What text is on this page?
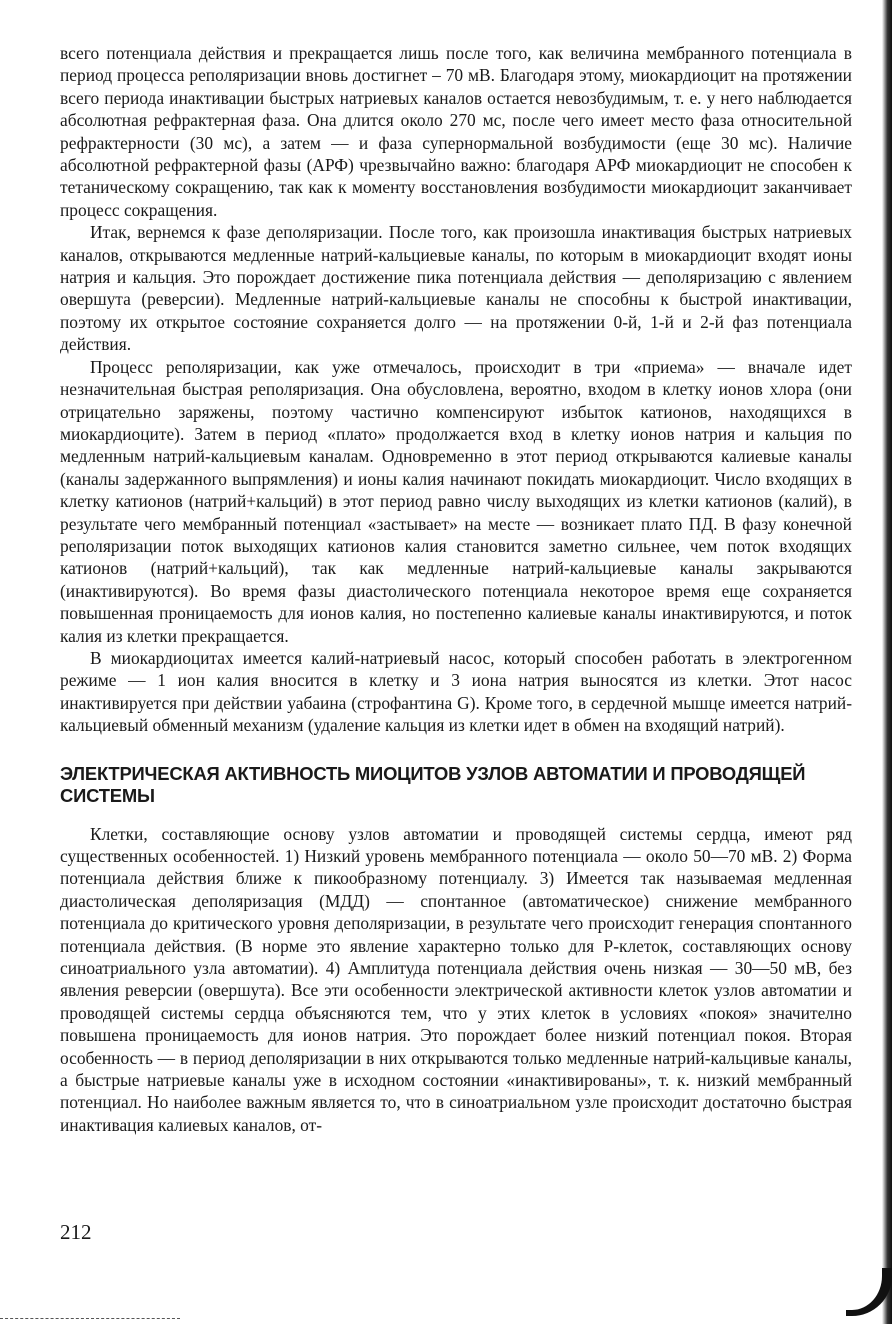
всего потенциала действия и прекращается лишь после того, как величина мембранного потенциала в период процесса реполяризации вновь достигнет – 70 мВ. Благодаря этому, миокардиоцит на протяжении всего периода инактивации быстрых натриевых каналов остается невозбудимым, т. е. у него наблюдается абсолютная рефрактерная фаза. Она длится около 270 мс, после чего имеет место фаза относительной рефрактерности (30 мс), а затем — и фаза супернормальной возбудимости (еще 30 мс). Наличие абсолютной рефрактерной фазы (АРФ) чрезвычайно важно: благодаря АРФ миокардиоцит не способен к тетаническому сокращению, так как к моменту восстановления возбудимости миокардиоцит заканчивает процесс сокращения.

Итак, вернемся к фазе деполяризации. После того, как произошла инактивация быстрых натриевых каналов, открываются медленные натрий-кальциевые каналы, по которым в миокардиоцит входят ионы натрия и кальция. Это порождает достижение пика потенциала действия — деполяризацию с явлением овершута (реверсии). Медленные натрий-кальциевые каналы не способны к быстрой инактивации, поэтому их открытое состояние сохраняется долго — на протяжении 0-й, 1-й и 2-й фаз потенциала действия.

Процесс реполяризации, как уже отмечалось, происходит в три «приема» — вначале идет незначительная быстрая реполяризация. Она обусловлена, вероятно, входом в клетку ионов хлора (они отрицательно заряжены, поэтому частично компенсируют избыток катионов, находящихся в миокардиоците). Затем в период «плато» продолжается вход в клетку ионов натрия и кальция по медленным натрий-кальциевым каналам. Одновременно в этот период открываются калиевые каналы (каналы задержанного выпрямления) и ионы калия начинают покидать миокардиоцит. Число входящих в клетку катионов (натрий+кальций) в этот период равно числу выходящих из клетки катионов (калий), в результате чего мембранный потенциал «застывает» на месте — возникает плато ПД. В фазу конечной реполяризации поток выходящих катионов калия становится заметно сильнее, чем поток входящих катионов (натрий+кальций), так как медленные натрий-кальциевые каналы закрываются (инактивируются). Во время фазы диастолического потенциала некоторое время еще сохраняется повышенная проницаемость для ионов калия, но постепенно калиевые каналы инактивируются, и поток калия из клетки прекращается.

В миокардиоцитах имеется калий-натриевый насос, который способен работать в электрогенном режиме — 1 ион калия вносится в клетку и 3 иона натрия выносятся из клетки. Этот насос инактивируется при действии уабаина (строфантина G). Кроме того, в сердечной мышце имеется натрий-кальциевый обменный механизм (удаление кальция из клетки идет в обмен на входящий натрий).

ЭЛЕКТРИЧЕСКАЯ АКТИВНОСТЬ МИОЦИТОВ УЗЛОВ АВТОМАТИИ И ПРОВОДЯЩЕЙ СИСТЕМЫ

Клетки, составляющие основу узлов автоматии и проводящей системы сердца, имеют ряд существенных особенностей. 1) Низкий уровень мембранного потенциала — около 50—70 мВ. 2) Форма потенциала действия ближе к пикообразному потенциалу. 3) Имеется так называемая медленная диастолическая деполяризация (МДД) — спонтанное (автоматическое) снижение мембранного потенциала до критического уровня деполяризации, в результате чего происходит генерация спонтанного потенциала действия. (В норме это явление характерно только для Р-клеток, составляющих основу синоатриального узла автоматии). 4) Амплитуда потенциала действия очень низкая — 30—50 мВ, без явления реверсии (овершута). Все эти особенности электрической активности клеток узлов автоматии и проводящей системы сердца объясняются тем, что у этих клеток в условиях «покоя» значително повышена проницаемость для ионов натрия. Это порождает более низкий потенциал покоя. Вторая особенность — в период деполяризации в них открываются только медленные натрий-кальцивые каналы, а быстрые натриевые каналы уже в исходном состоянии «инактивированы», т. к. низкий мембранный потенциал. Но наиболее важным является то, что в синоатриальном узле происходит достаточно быстрая инактивация калиевых каналов, от-

212
